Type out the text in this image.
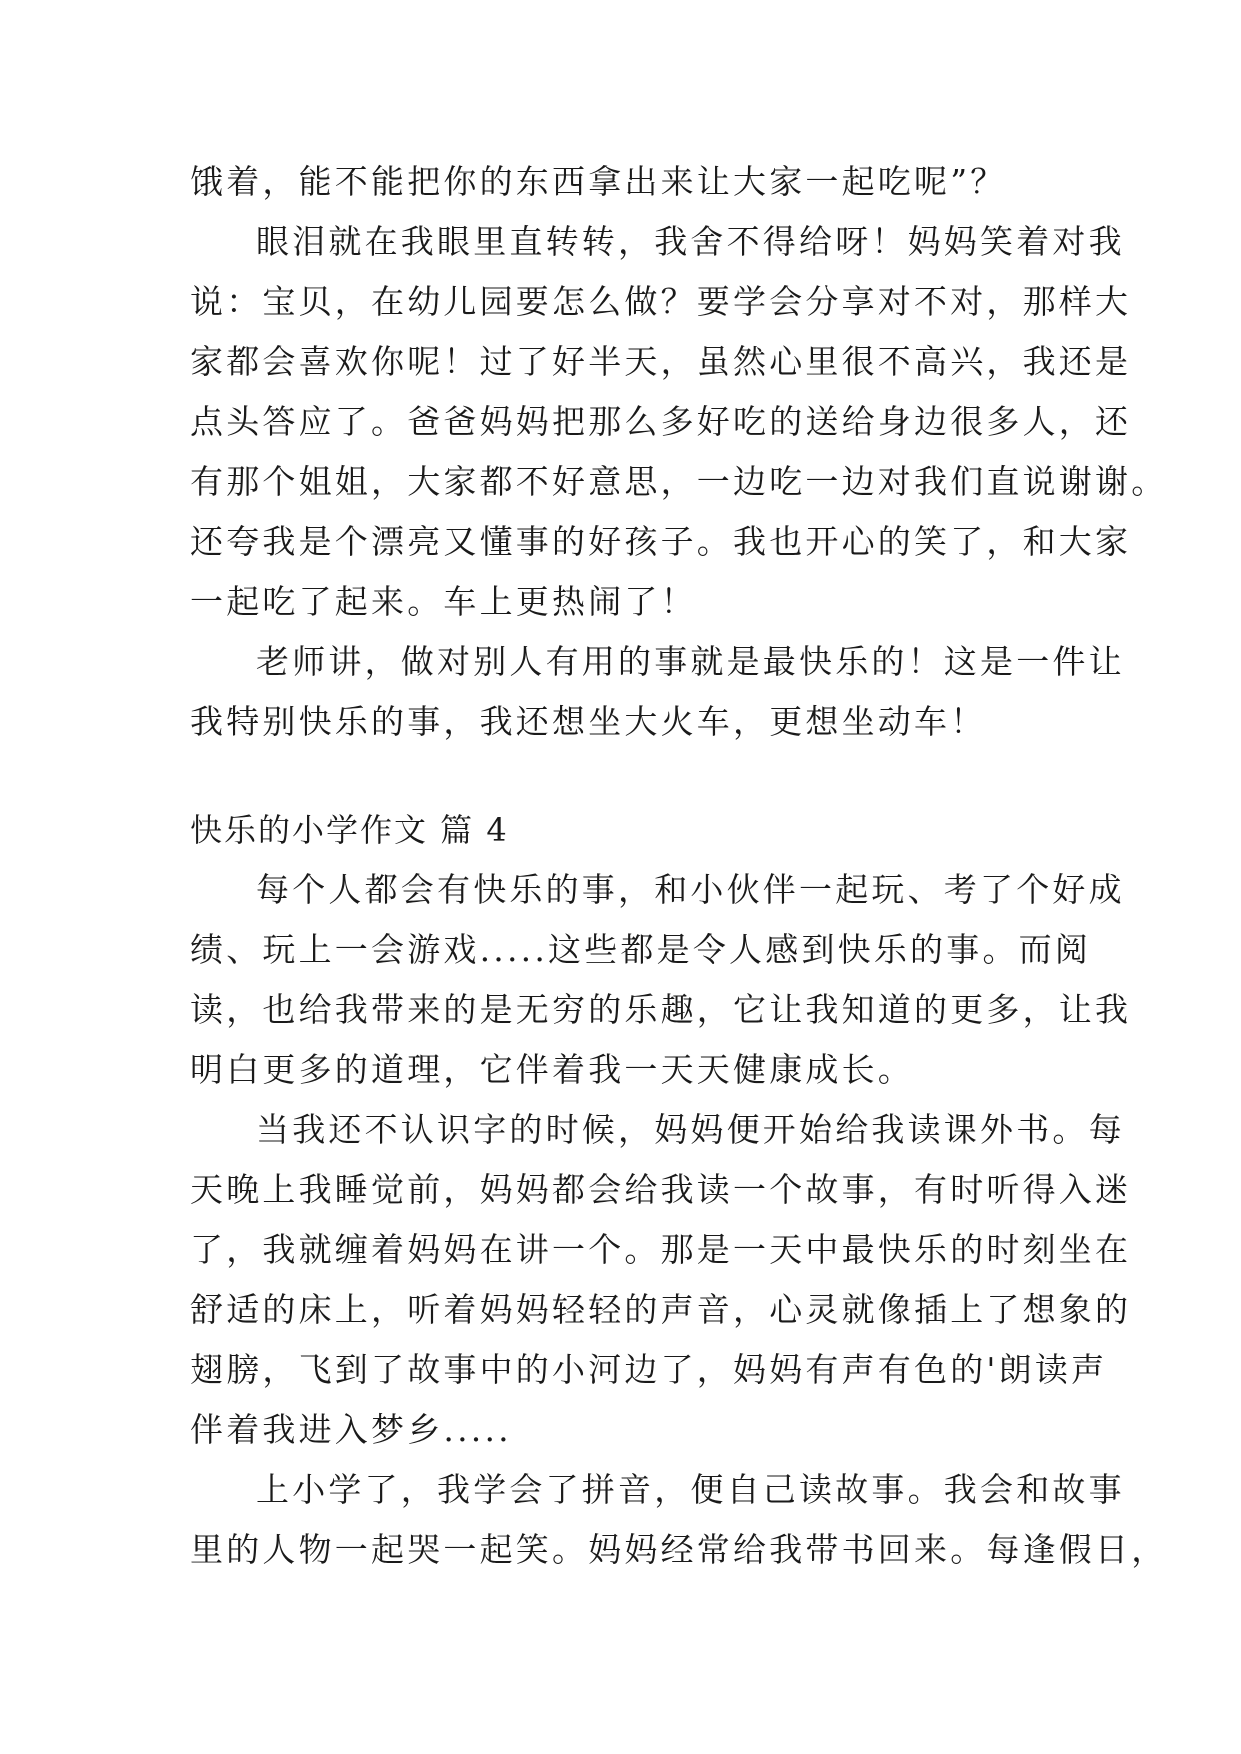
饿着，能不能把你的东西拿出来让大家一起吃呢”？
眼泪就在我眼里直转转，我舍不得给呀！妈妈笑着对我
说：宝贝，在幼儿园要怎么做？要学会分享对不对，那样大
家都会喜欢你呢！过了好半天，虽然心里很不高兴，我还是
点头答应了。爸爸妈妈把那么多好吃的送给身边很多人，还
有那个姐姐，大家都不好意思，一边吃一边对我们直说谢谢。
还夸我是个漂亮又懂事的好孩子。我也开心的笑了，和大家
一起吃了起来。车上更热闹了！
老师讲，做对别人有用的事就是最快乐的！这是一件让
我特别快乐的事，我还想坐大火车，更想坐动车！
快乐的小学作文 篇 4
每个人都会有快乐的事，和小伙伴一起玩、考了个好成
绩、玩上一会游戏.....这些都是令人感到快乐的事。而阅
读，也给我带来的是无穷的乐趣，它让我知道的更多，让我
明白更多的道理，它伴着我一天天健康成长。
当我还不认识字的时候，妈妈便开始给我读课外书。每
天晚上我睡觉前，妈妈都会给我读一个故事，有时听得入迷
了，我就缠着妈妈在讲一个。那是一天中最快乐的时刻坐在
舒适的床上，听着妈妈轻轻的声音，心灵就像插上了想象的
翅膀，飞到了故事中的小河边了，妈妈有声有色的'朗读声
伴着我进入梦乡.....
上小学了，我学会了拼音，便自己读故事。我会和故事
里的人物一起哭一起笑。妈妈经常给我带书回来。每逢假日，
